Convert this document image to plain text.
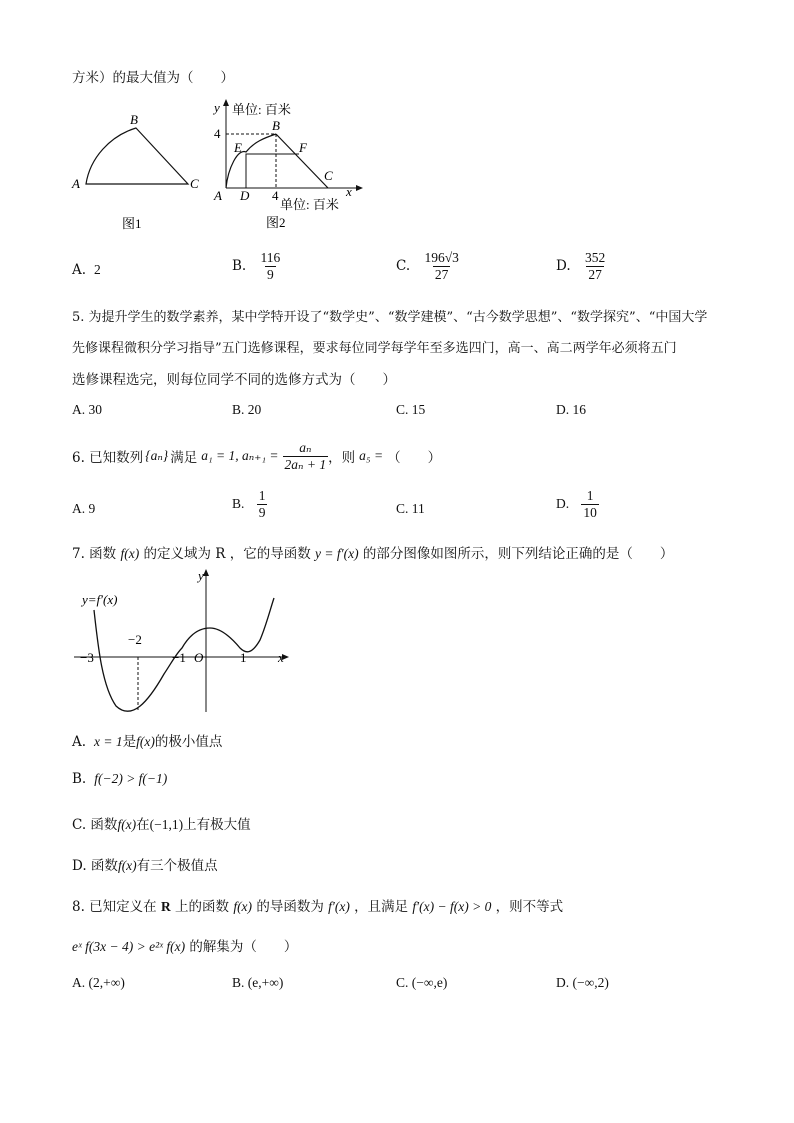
方米）的最大值为（　　）
B
A	C
图1
y 单位: 百米
4
B
E	F
C
A D 4	x
单位: 百米
图2
A. 2	B. $\frac{116}{9}$	C. $\frac{196√3}{27}$	D. $\frac{352}{27}$
5. 为提升学生的数学素养，某中学特开设了“数学史”、“数学建模”、“古今数学思想”、“数学探究”、“中国大学
先修课程微积分学习指导”五门选修课程，要求每位同学每学年至多选四门，高一、高二两学年必须将五门
选修课程选完，则每位同学不同的选修方式为（　　）
A. 30	B. 20	C. 15	D. 16
6. 已知数列 {aₙ} 满足 a₁ = 1, $a_{n+1} = \frac{\text{aₙ}}{\text{2aₙ + 1}}$ ，则 a₅ = （　　）
A. 9	B. $\frac{1}{9}$	C. 11	D. $\frac{1}{10}$
7. 函数 f(x) 的定义域为 R ，它的导函数 y = f′(x) 的部分图像如图所示，则下列结论正确的是（　　）
y=f′(x)
y
x
O
−3
−2
−1	1
A. x = 1是f(x)的极小值点
B. f(−2) > f(−1)
C. 函数f(x)在(−1,1)上有极大值
D. 函数f(x)有三个极值点
8. 已知定义在 R 上的函数 f(x) 的导函数为 f′(x) ，且满足 f′(x) − f(x) > 0 ，则不等式
eˣ f(3x − 4) > e²ˣ f(x) 的解集为（　　）
A. (2,+∞)	B. (e,+∞)	C. (−∞,e)	D. (−∞,2)
